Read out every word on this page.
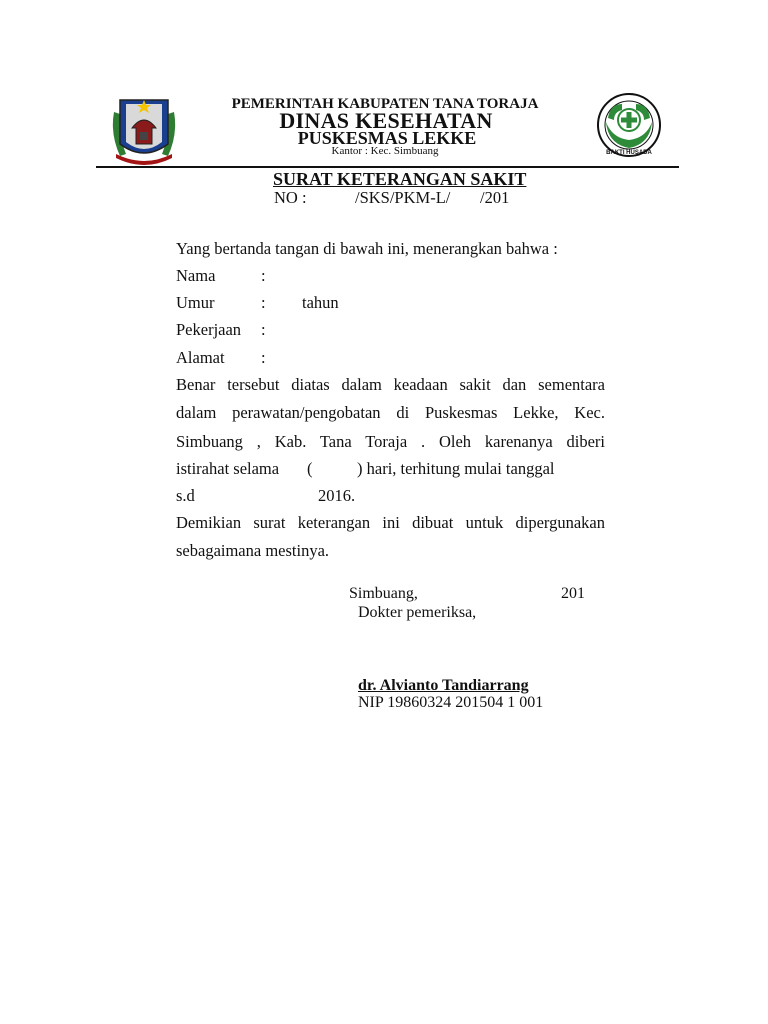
BAKTI HUSADA
PEMERINTAH KABUPATEN TANA TORAJA
DINAS KESEHATAN
PUSKESMAS LEKKE
Kantor : Kec. Simbuang
SURAT KETERANGAN SAKIT
NO :	/SKS/PKM-L/ /201
Yang bertanda tangan di bawah ini, menerangkan bahwa :
Nama	:
Umur	: tahun
Pekerjaan :
Alamat :
Benar tersebut diatas dalam keadaan sakit dan sementara
dalam perawatan/pengobatan di Puskesmas Lekke, Kec.
Simbuang , Kab. Tana Toraja . Oleh karenanya diberi
istirahat selama (	) hari, terhitung mulai tanggal
s.d	2016.
Demikian surat keterangan ini dibuat untuk dipergunakan
sebagaimana mestinya.
Simbuang,	201
Dokter pemeriksa,
dr. Alvianto Tandiarrang
NIP 19860324 201504 1 001
